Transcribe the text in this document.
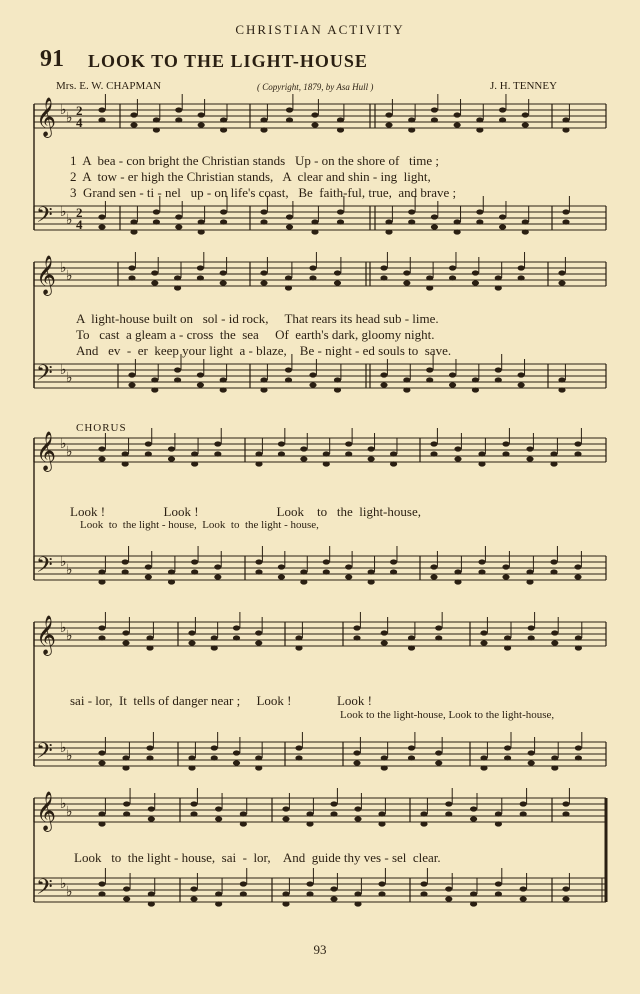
CHRISTIAN ACTIVITY
91 LOOK TO THE LIGHT-HOUSE
Mrs. E. W. CHAPMAN	( Copyright, 1879, by Asa Hull )	J. H. TENNEY
𝄞 ♭
♭
2
4
𝄢 ♭
♭
2
4
𝄞 ♭
♭
𝄢 ♭
♭
𝄞 ♭
♭
𝄢 ♭
♭
𝄞 ♭
♭
𝄢 ♭
♭
𝄞 ♭
♭
𝄢 ♭
♭
1  A  bea - con bright the Christian stands   Up - on the shore of   time ;
2  A  tow - er high the Christian stands,   A  clear and shin - ing  light,
3  Grand sen - ti - nel   up - on life's coast,   Be  faith-ful, true,  and brave ;
A  light-house built on   sol - id rock,     That rears its head sub - lime.
To   cast  a gleam a - cross  the  sea     Of  earth's dark, gloomy night.
And   ev  -  er  keep your light  a - blaze,    Be - night - ed souls to  save.
CHORUS
Look !                  Look !                        Look    to   the  light-house,
Look  to  the light - house,  Look  to  the light - house,
sai - lor,  It  tells of danger near ;     Look !              Look !
Look to the light-house, Look to the light-house,
Look   to  the light - house,  sai  -  lor,    And  guide thy ves - sel  clear.
93
